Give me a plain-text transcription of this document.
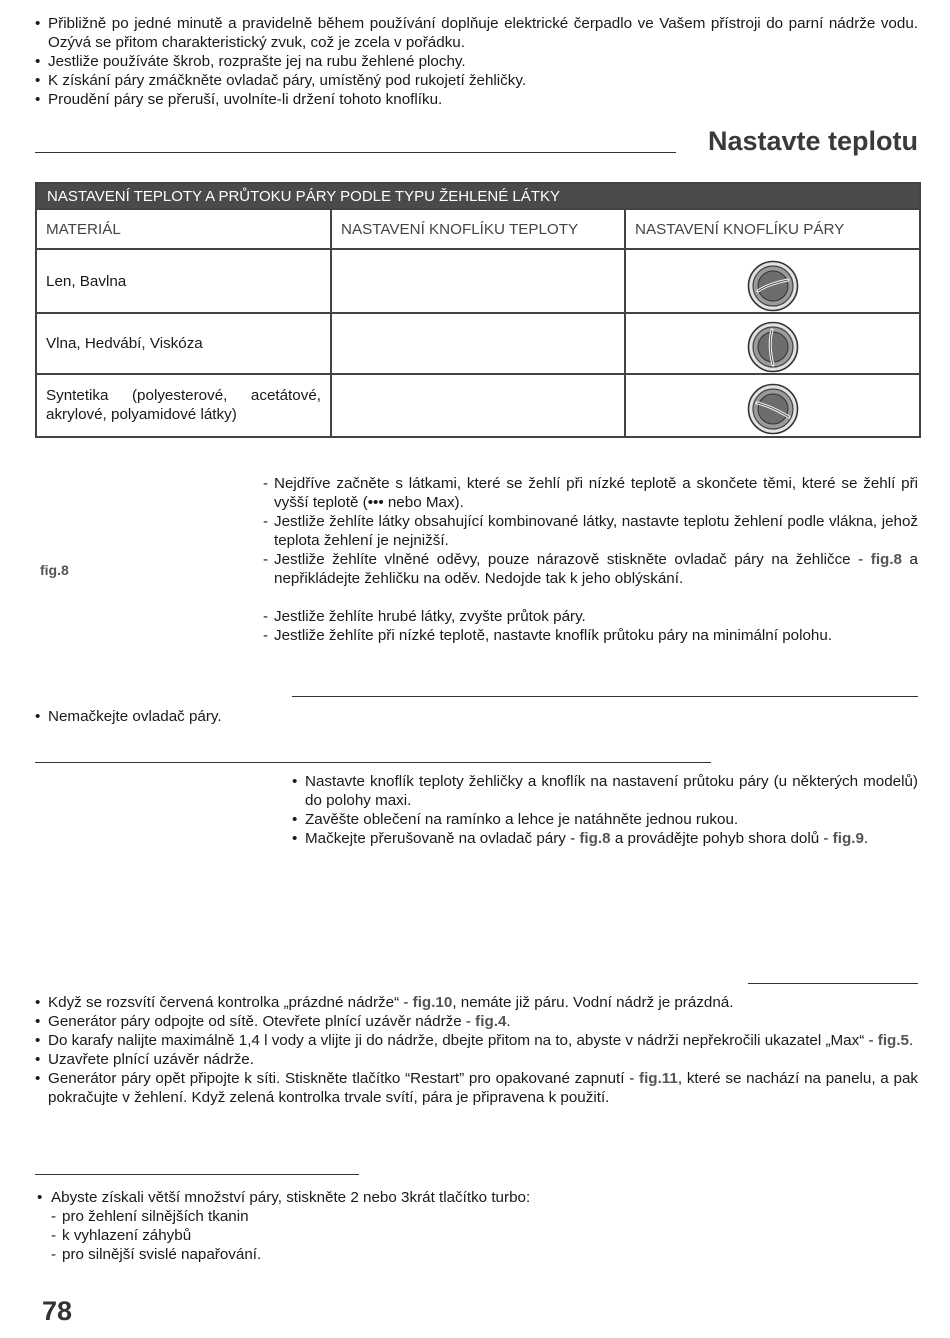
• Přibližně po jedné minutě a pravidelně během používání doplňuje elektrické čerpadlo ve Vašem přístroji do parní nádrže vodu. Ozývá se přitom charakteristický zvuk, což je zcela v pořádku.
• Jestliže používáte škrob, rozprašte jej na rubu žehlené plochy.
• K získání páry zmáčkněte ovladač páry, umístěný pod rukojetí žehličky.
• Proudění páry se přeruší, uvolníte-li držení tohoto knoflíku.
Nastavte teplotu
NASTAVENÍ TEPLOTY A PRŮTOKU PÁRY PODLE TYPU ŽEHLENÉ LÁTKY		
MATERIÁL	NASTAVENÍ KNOFLÍKU TEPLOTY	NASTAVENÍ KNOFLÍKU PÁRY
Len, Bavlna		
Vlna, Hedvábí, Viskóza		
Syntetika (polyesterové, acetátové, akrylové, polyamidové látky)		
fig.8
- Nejdříve začněte s látkami, které se žehlí při nízké teplotě a skončete těmi, které se žehlí při vyšší teplotě (••• nebo Max).
- Jestliže žehlíte látky obsahující kombinované látky, nastavte teplotu žehlení podle vlákna, jehož teplota žehlení je nejnižší.
- Jestliže žehlíte vlněné oděvy, pouze nárazově stiskněte ovladač páry na žehličce - fig.8 a nepřikládejte žehličku na oděv. Nedojde tak k jeho oblýskání.
- Jestliže žehlíte hrubé látky, zvyšte průtok páry.
- Jestliže žehlíte při nízké teplotě, nastavte knoflík průtoku páry na minimální polohu.
• Nemačkejte ovladač páry.
• Nastavte knoflík teploty žehličky a knoflík na nastavení průtoku páry (u některých modelů) do polohy maxi.
• Zavěšte oblečení na ramínko a lehce je natáhněte jednou rukou.
• Mačkejte přerušovaně na ovladač páry - fig.8 a provádějte pohyb shora dolů - fig.9.
• Když se rozsvítí červená kontrolka „prázdné nádrže“ - fig.10, nemáte již páru. Vodní nádrž je prázdná.
• Generátor páry odpojte od sítě. Otevřete plnící uzávěr nádrže - fig.4.
• Do karafy nalijte maximálně 1,4 l vody a vlijte ji do nádrže, dbejte přitom na to, abyste v nádrži nepřekročili ukazatel „Max“ - fig.5.
• Uzavřete plnící uzávěr nádrže.
• Generátor páry opět připojte k síti. Stiskněte tlačítko “Restart” pro opakované zapnutí - fig.11, které se nachází na panelu, a pak pokračujte v žehlení. Když zelená kontrolka trvale svítí, pára je připravena k použití.
• Abyste získali větší množství páry, stiskněte 2 nebo 3krát tlačítko turbo:
- pro žehlení silnějších tkanin
- k vyhlazení záhybů
- pro silnější svislé napařování.
78
